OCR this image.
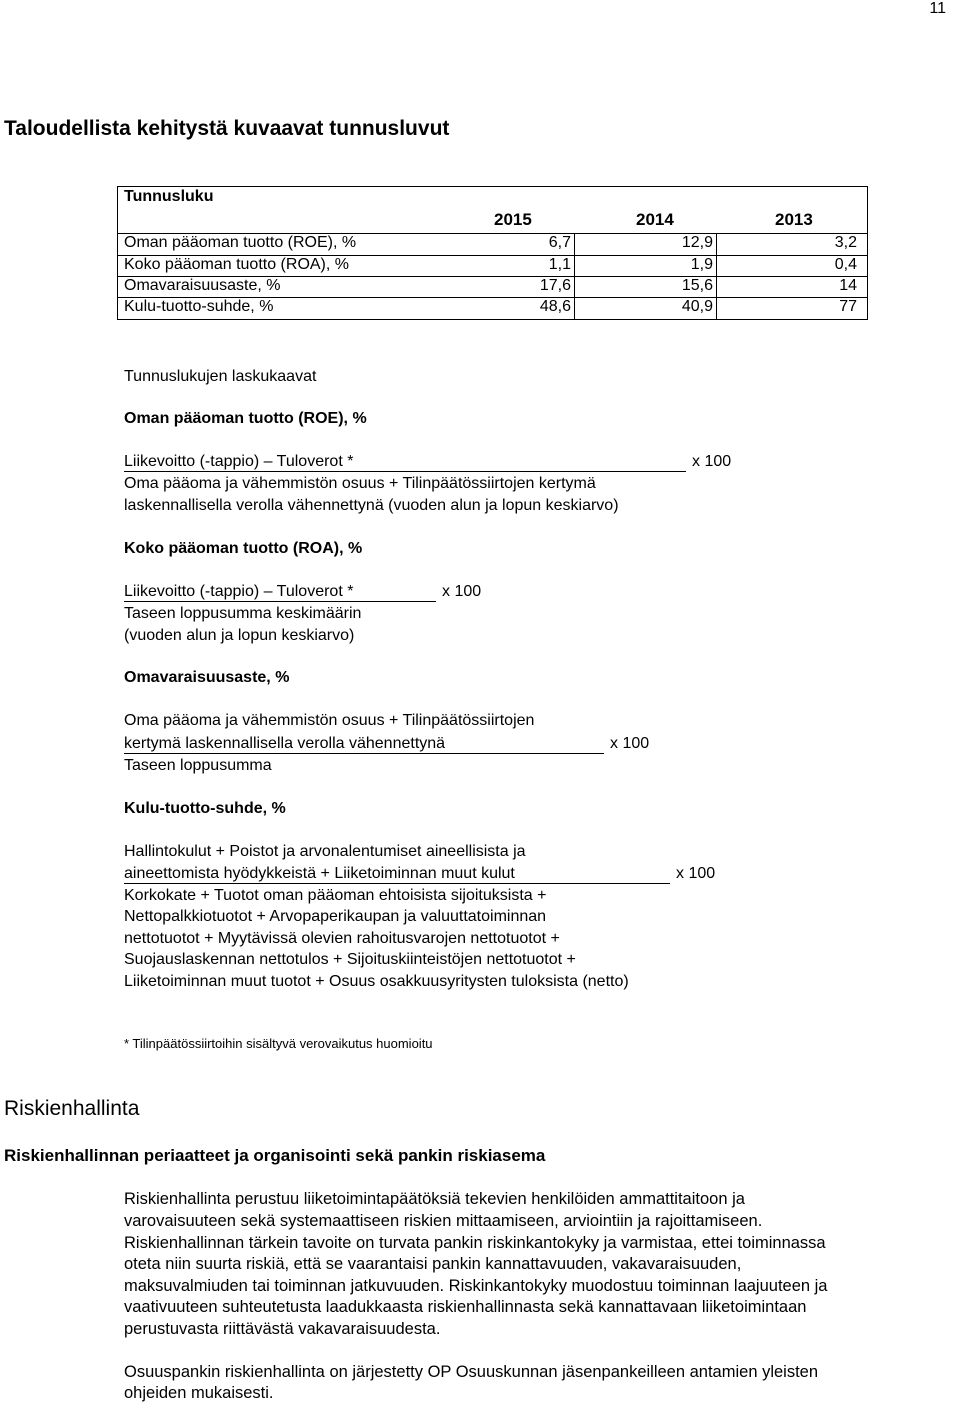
11
Taloudellista kehitystä kuvaavat tunnusluvut
Tunnusluku
2015	2014	2013
Oman pääoman tuotto (ROE), %	6,7	12,9	3,2
Koko pääoman tuotto (ROA), %	1,1	1,9	0,4
Omavaraisuusaste, %	17,6	15,6	14
Kulu-tuotto-suhde, %	48,6	40,9	77
Tunnuslukujen laskukaavat
Oman pääoman tuotto (ROE), %
Liikevoitto (-tappio) – Tuloverot *	x 100
Oma pääoma ja vähemmistön osuus + Tilinpäätössiirtojen kertymä
laskennallisella verolla vähennettynä (vuoden alun ja lopun keskiarvo)
Koko pääoman tuotto (ROA), %
Liikevoitto (-tappio) – Tuloverot *	x 100
Taseen loppusumma keskimäärin
(vuoden alun ja lopun keskiarvo)
Omavaraisuusaste, %
Oma pääoma ja vähemmistön osuus + Tilinpäätössiirtojen
kertymä laskennallisella verolla vähennettynä	x 100
Taseen loppusumma
Kulu-tuotto-suhde, %
Hallintokulut + Poistot ja arvonalentumiset aineellisista ja
aineettomista hyödykkeistä + Liiketoiminnan muut kulut	x 100
Korkokate + Tuotot oman pääoman ehtoisista sijoituksista +
Nettopalkkiotuotot + Arvopaperikaupan ja valuuttatoiminnan
nettotuotot + Myytävissä olevien rahoitusvarojen nettotuotot +
Suojauslaskennan nettotulos + Sijoituskiinteistöjen nettotuotot +
Liiketoiminnan muut tuotot + Osuus osakkuusyritysten tuloksista (netto)
* Tilinpäätössiirtoihin sisältyvä verovaikutus huomioitu
Riskienhallinta
Riskienhallinnan periaatteet ja organisointi sekä pankin riskiasema
Riskienhallinta perustuu liiketoimintapäätöksiä tekevien henkilöiden ammattitaitoon ja
varovaisuuteen sekä systemaattiseen riskien mittaamiseen, arviointiin ja rajoittamiseen.
Riskienhallinnan tärkein tavoite on turvata pankin riskinkantokyky ja varmistaa, ettei toiminnassa
oteta niin suurta riskiä, että se vaarantaisi pankin kannattavuuden, vakavaraisuuden,
maksuvalmiuden tai toiminnan jatkuvuuden. Riskinkantokyky muodostuu toiminnan laajuuteen ja
vaativuuteen suhteutetusta laadukkaasta riskienhallinnasta sekä kannattavaan liiketoimintaan
perustuvasta riittävästä vakavaraisuudesta.
Osuuspankin riskienhallinta on järjestetty OP Osuuskunnan jäsenpankeilleen antamien yleisten
ohjeiden mukaisesti.
